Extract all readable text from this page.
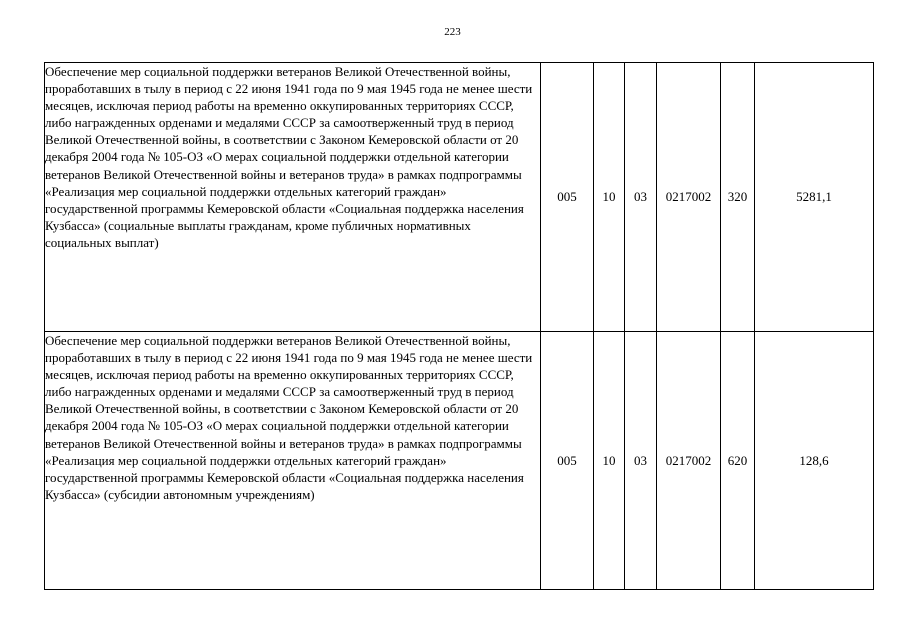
223
Обеспечение мер социальной поддержки ветеранов Великой Отечественной войны, проработавших в тылу в период с 22 июня 1941 года по 9 мая 1945 года не менее шести месяцев, исключая период работы на временно оккупированных территориях СССР, либо награжденных орденами и медалями СССР за самоотверженный труд в период Великой Отечественной войны, в соответствии с Законом Кемеровской области от 20 декабря 2004 года № 105-ОЗ «О мерах социальной поддержки отдельной категории ветеранов Великой Отечественной войны и ветеранов труда» в рамках подпрограммы «Реализация мер социальной поддержки отдельных категорий граждан» государственной программы Кемеровской области «Социальная поддержка населения Кузбасса» (социальные выплаты гражданам, кроме публичных нормативных социальных выплат)	005	10	03	0217002	320	5281,1
Обеспечение мер социальной поддержки ветеранов Великой Отечественной войны, проработавших в тылу в период с 22 июня 1941 года по 9 мая 1945 года не менее шести месяцев, исключая период работы на временно оккупированных территориях СССР, либо награжденных орденами и медалями СССР за самоотверженный труд в период Великой Отечественной войны, в соответствии с Законом Кемеровской области от 20 декабря 2004 года № 105-ОЗ «О мерах социальной поддержки отдельной категории ветеранов Великой Отечественной войны и ветеранов труда» в рамках подпрограммы «Реализация мер социальной поддержки отдельных категорий граждан» государственной программы Кемеровской области «Социальная поддержка населения Кузбасса» (субсидии автономным учреждениям)	005	10	03	0217002	620	128,6
